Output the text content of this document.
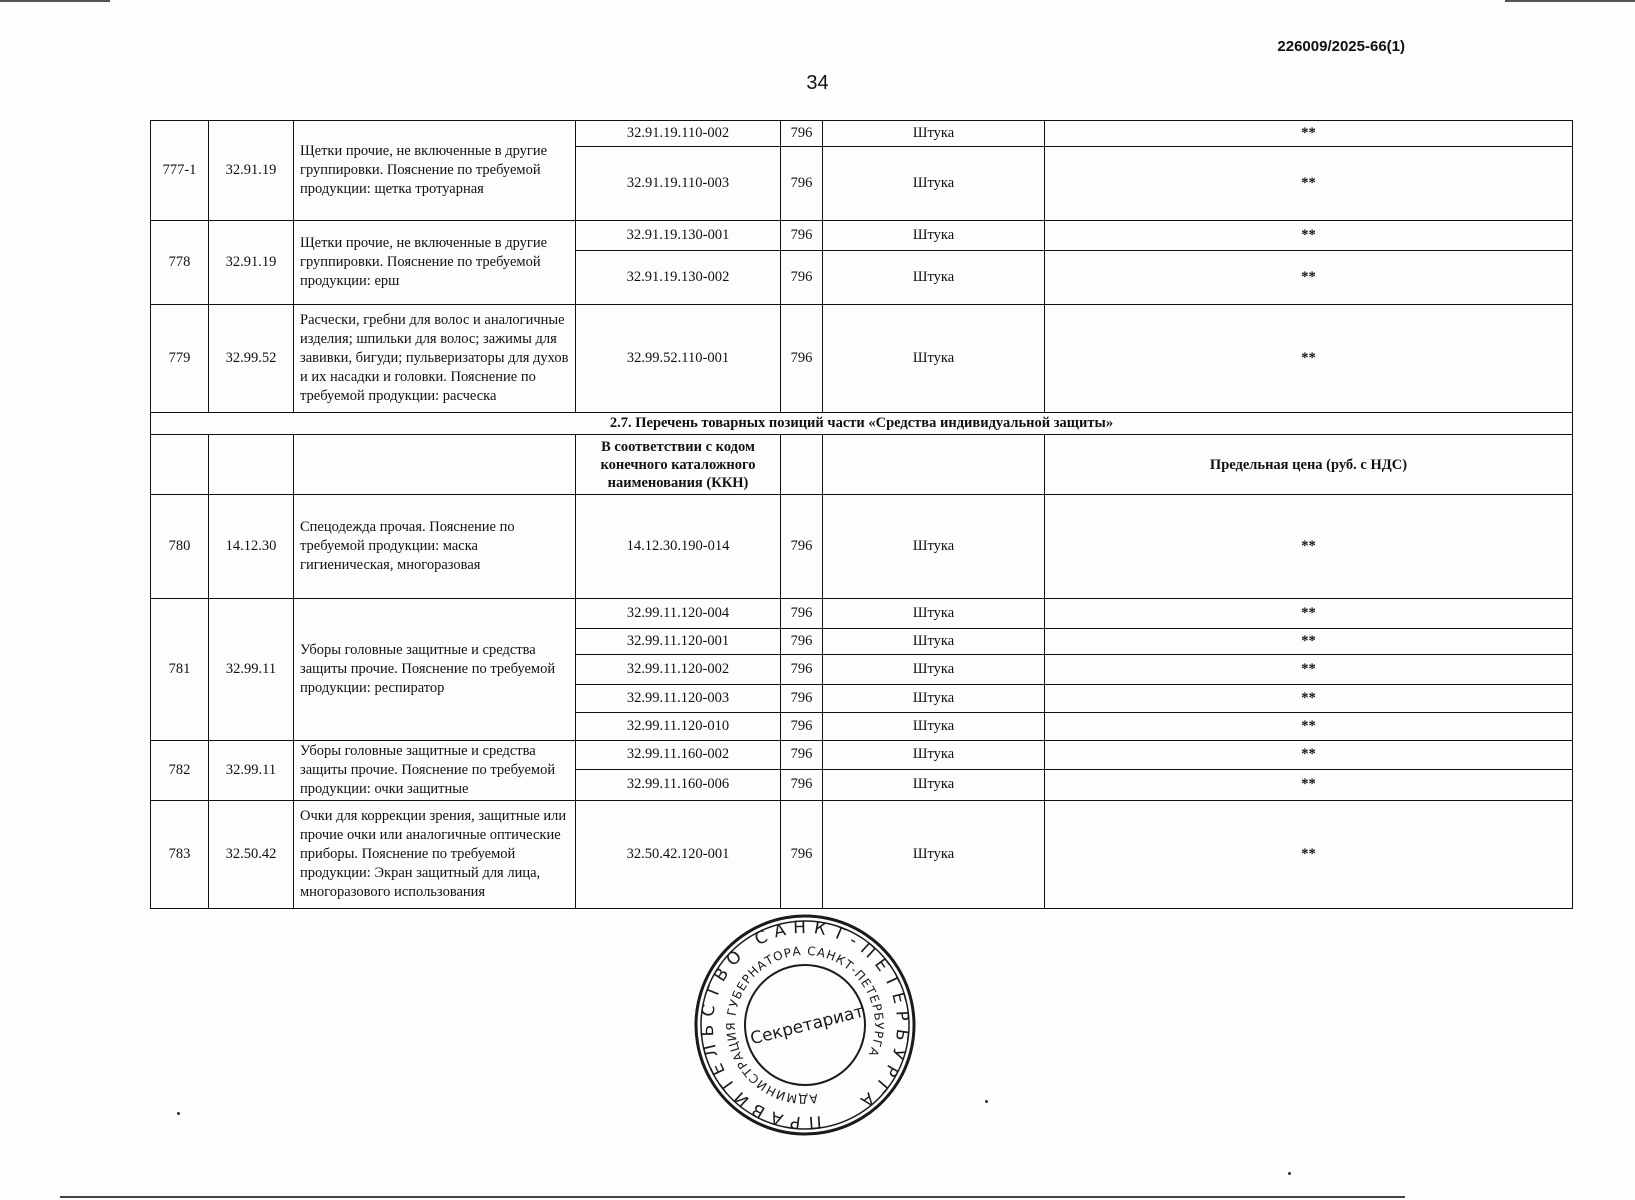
226009/2025-66(1)
34
777-1	32.91.19	Щетки прочие, не включенные в другие группировки. Пояснение по требуемой продукции: щетка тротуарная	32.91.19.110-002	796	Штука	**
			32.91.19.110-003	796	Штука	**
778	32.91.19	Щетки прочие, не включенные в другие группировки. Пояснение по требуемой продукции: ерш	32.91.19.130-001	796	Штука	**
			32.91.19.130-002	796	Штука	**
779	32.99.52	Расчески, гребни для волос и аналогичные изделия; шпильки для волос; зажимы для завивки, бигуди; пульверизаторы для духов и их насадки и головки. Пояснение по требуемой продукции: расческа	32.99.52.110-001	796	Штука	**
2.7. Перечень товарных позиций части «Средства индивидуальной защиты»						
			В соответствии с кодом конечного каталожного наименования (ККН)			Предельная цена (руб. с НДС)
780	14.12.30	Спецодежда прочая. Пояснение по требуемой продукции: маска гигиеническая, многоразовая	14.12.30.190-014	796	Штука	**
781	32.99.11	Уборы головные защитные и средства защиты прочие. Пояснение по требуемой продукции: респиратор	32.99.11.120-004	796	Штука	**
			32.99.11.120-001	796	Штука	**
			32.99.11.120-002	796	Штука	**
			32.99.11.120-003	796	Штука	**
			32.99.11.120-010	796	Штука	**
782	32.99.11	Уборы головные защитные и средства защиты прочие. Пояснение по требуемой продукции: очки защитные	32.99.11.160-002	796	Штука	**
			32.99.11.160-006	796	Штука	**
783	32.50.42	Очки для коррекции зрения, защитные или прочие очки или аналогичные оптические приборы. Пояснение по требуемой продукции: Экран защитный для лица, многоразового использования	32.50.42.120-001	796	Штука	**
ПРАВИТЕЛЬСТВО САНКТ-ПЕТЕРБУРГА
АДМИНИСТРАЦИЯ ГУБЕРНАТОРА САНКТ-ПЕТЕРБУРГА
Секретариат
